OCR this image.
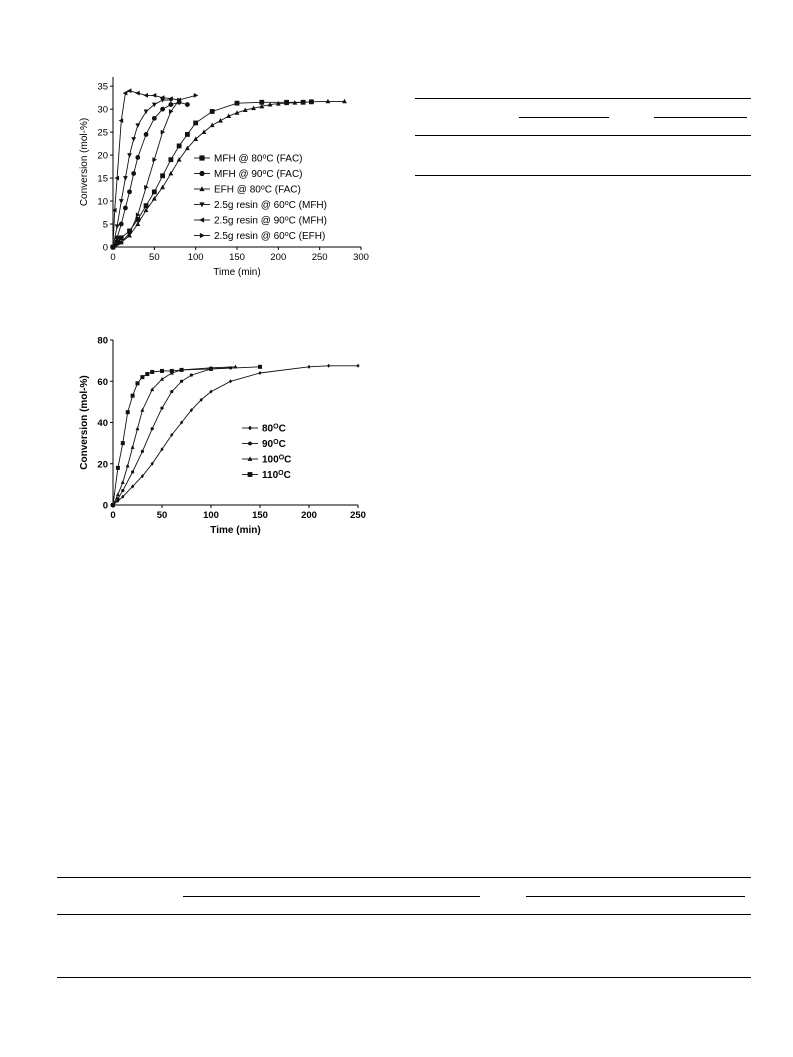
0	50	100	150	200	250	300
0
5
10
15
20
25
30
35
Time (min)
Conversion (mol-%)	MFH @ 80$^o$C (FAC)
MFH @ 90$^o$C (FAC)
EFH @ 80$^o$C (FAC)
2.5g resin @ 60$^o$C (MFH)
2.5g resin @ 90$^o$C (MFH)
2.5g resin @ 60$^o$C (EFH)
0	50	100	150	200	250
0
20
40
60
80
Time (min)
Conversion (mol-%)	$80^OC$
$90^OC$
$100^OC$
$110^OC$
